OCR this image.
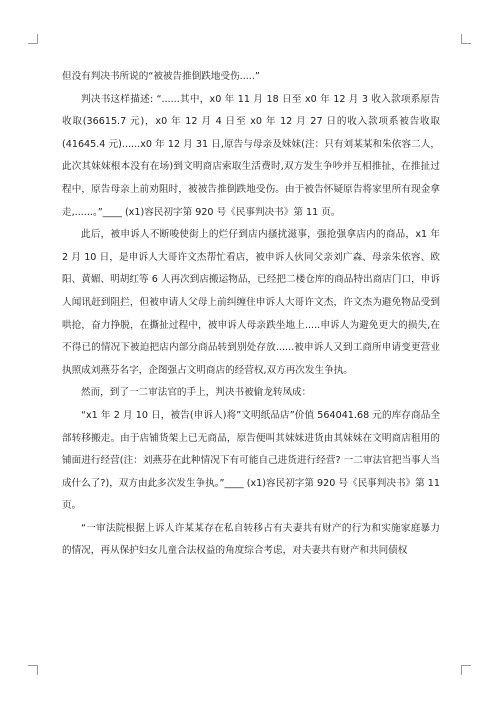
但没有判决书所说的“被被告推倒跌地受伤.....”

判决书这样描述: “......其中，x0 年 11 月 18 日至 x0 年 12 月 3 收入款项系原告收取(36615.7 元)，x0 年 12 月 4 日至 x0 年 12 月 27 日的收入款项系被告收取(41645.4 元)......x0 年 12 月 31 日,原告与母亲及妹妹(注：只有刘某某和朱依容二人，此次其妹妹根本没有在场)到文明商店索取生活费时,双方发生争吵并互相推扯，在推扯过程中，原告母亲上前劝阻时，被被告推倒跌地受伤。由于被告怀疑原告将家里所有现金拿走,......。”____ (x1)容民初字第 920 号《民事判决书》第 11 页。

此后，被申诉人不断唆使街上的烂仔到店内搔扰滋事，强抢强拿店内的商品，x1 年 2 月 10 日，是申诉人大哥许文杰帮忙看店，被申诉人伙同父亲刘广森、母亲朱依容、欧阳、黄媚、明胡红等 6 人再次到店搬运物品，已经把二楼仓库的商品特出商店门口，申诉人闻讯赶到阻拦，但被申请人父母上前纠缠住申诉人大哥许文杰，许文杰为避免物品受到哄抢，奋力挣脱，在撕扯过程中，被申诉人母亲跌坐地上.....申诉人为避免更大的损失,在不得已的情况下被迫把店内部分商品转到别处存放......被申诉人又到工商所申请变更营业执照成刘燕芬名字，企图强占文明商店的经营权,双方再次发生争执。

然而，到了一二审法官的手上，判决书被偷龙转凤成：

“x1 年 2 月 10 日，被告(申诉人)将”文明纸品店”价值 564041.68 元的库存商品全部转移搬走。由于店铺货架上已无商品，原告便叫其妹妹进货由其妹妹在文明商店租用的铺面进行经营(注：刘燕芬在此种情况下有可能自己进货进行经营? 一二审法官把当事人当成什么了?)，双方由此多次发生争执。”____ (x1)容民初字第 920 号《民事判决书》第 11 页。

“一审法院根据上诉人许某某存在私自转移占有夫妻共有财产的行为和实施家庭暴力的情况，再从保护妇女儿童合法权益的角度综合考虑，对夫妻共有财产和共同债权
